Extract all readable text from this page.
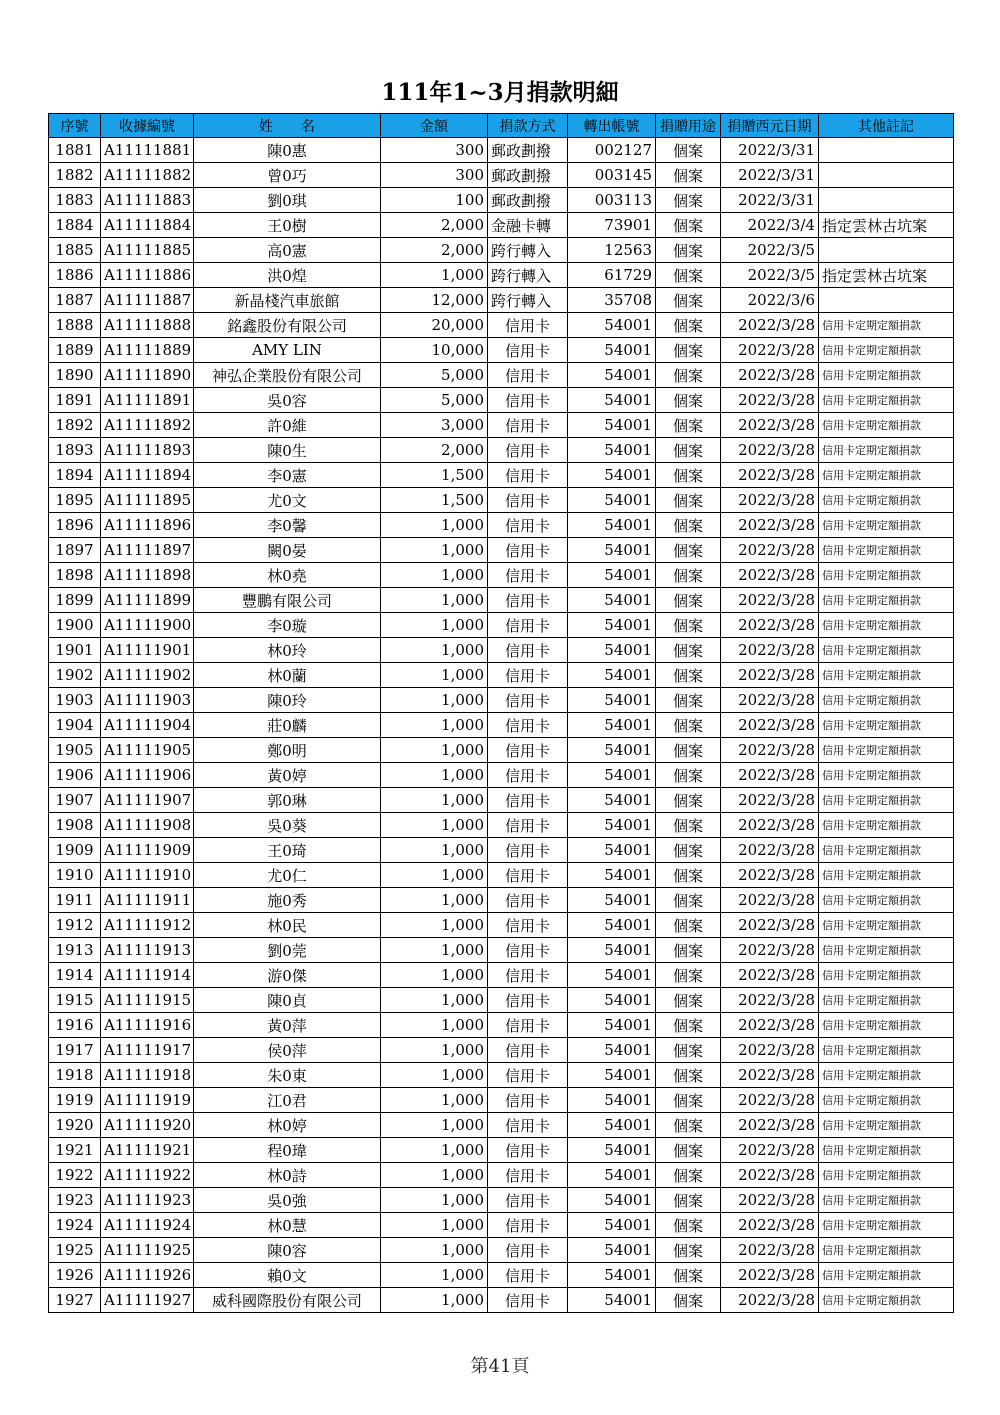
111年1~3月捐款明細
序號	收據編號	姓　　名	金額	捐款方式	轉出帳號	捐贈用途	捐贈西元日期	其他註記
1881	A11111881	陳0惠	300	郵政劃撥	002127	個案	2022/3/31	
1882	A11111882	曾0巧	300	郵政劃撥	003145	個案	2022/3/31	
1883	A11111883	劉0琪	100	郵政劃撥	003113	個案	2022/3/31	
1884	A11111884	王0樹	2,000	金融卡轉	73901	個案	2022/3/4	指定雲林古坑案
1885	A11111885	高0憲	2,000	跨行轉入	12563	個案	2022/3/5	
1886	A11111886	洪0煌	1,000	跨行轉入	61729	個案	2022/3/5	指定雲林古坑案
1887	A11111887	新晶棧汽車旅館	12,000	跨行轉入	35708	個案	2022/3/6	
1888	A11111888	銘鑫股份有限公司	20,000	信用卡	54001	個案	2022/3/28	信用卡定期定額捐款
1889	A11111889	AMY LIN	10,000	信用卡	54001	個案	2022/3/28	信用卡定期定額捐款
1890	A11111890	神弘企業股份有限公司	5,000	信用卡	54001	個案	2022/3/28	信用卡定期定額捐款
1891	A11111891	吳0容	5,000	信用卡	54001	個案	2022/3/28	信用卡定期定額捐款
1892	A11111892	許0維	3,000	信用卡	54001	個案	2022/3/28	信用卡定期定額捐款
1893	A11111893	陳0生	2,000	信用卡	54001	個案	2022/3/28	信用卡定期定額捐款
1894	A11111894	李0憲	1,500	信用卡	54001	個案	2022/3/28	信用卡定期定額捐款
1895	A11111895	尤0文	1,500	信用卡	54001	個案	2022/3/28	信用卡定期定額捐款
1896	A11111896	李0馨	1,000	信用卡	54001	個案	2022/3/28	信用卡定期定額捐款
1897	A11111897	闕0晏	1,000	信用卡	54001	個案	2022/3/28	信用卡定期定額捐款
1898	A11111898	林0堯	1,000	信用卡	54001	個案	2022/3/28	信用卡定期定額捐款
1899	A11111899	豐鵬有限公司	1,000	信用卡	54001	個案	2022/3/28	信用卡定期定額捐款
1900	A11111900	李0璇	1,000	信用卡	54001	個案	2022/3/28	信用卡定期定額捐款
1901	A11111901	林0玲	1,000	信用卡	54001	個案	2022/3/28	信用卡定期定額捐款
1902	A11111902	林0蘭	1,000	信用卡	54001	個案	2022/3/28	信用卡定期定額捐款
1903	A11111903	陳0玲	1,000	信用卡	54001	個案	2022/3/28	信用卡定期定額捐款
1904	A11111904	莊0麟	1,000	信用卡	54001	個案	2022/3/28	信用卡定期定額捐款
1905	A11111905	鄭0明	1,000	信用卡	54001	個案	2022/3/28	信用卡定期定額捐款
1906	A11111906	黃0婷	1,000	信用卡	54001	個案	2022/3/28	信用卡定期定額捐款
1907	A11111907	郭0琳	1,000	信用卡	54001	個案	2022/3/28	信用卡定期定額捐款
1908	A11111908	吳0葵	1,000	信用卡	54001	個案	2022/3/28	信用卡定期定額捐款
1909	A11111909	王0琦	1,000	信用卡	54001	個案	2022/3/28	信用卡定期定額捐款
1910	A11111910	尤0仁	1,000	信用卡	54001	個案	2022/3/28	信用卡定期定額捐款
1911	A11111911	施0秀	1,000	信用卡	54001	個案	2022/3/28	信用卡定期定額捐款
1912	A11111912	林0民	1,000	信用卡	54001	個案	2022/3/28	信用卡定期定額捐款
1913	A11111913	劉0莞	1,000	信用卡	54001	個案	2022/3/28	信用卡定期定額捐款
1914	A11111914	游0傑	1,000	信用卡	54001	個案	2022/3/28	信用卡定期定額捐款
1915	A11111915	陳0貞	1,000	信用卡	54001	個案	2022/3/28	信用卡定期定額捐款
1916	A11111916	黃0萍	1,000	信用卡	54001	個案	2022/3/28	信用卡定期定額捐款
1917	A11111917	侯0萍	1,000	信用卡	54001	個案	2022/3/28	信用卡定期定額捐款
1918	A11111918	朱0東	1,000	信用卡	54001	個案	2022/3/28	信用卡定期定額捐款
1919	A11111919	江0君	1,000	信用卡	54001	個案	2022/3/28	信用卡定期定額捐款
1920	A11111920	林0婷	1,000	信用卡	54001	個案	2022/3/28	信用卡定期定額捐款
1921	A11111921	程0瑋	1,000	信用卡	54001	個案	2022/3/28	信用卡定期定額捐款
1922	A11111922	林0詩	1,000	信用卡	54001	個案	2022/3/28	信用卡定期定額捐款
1923	A11111923	吳0強	1,000	信用卡	54001	個案	2022/3/28	信用卡定期定額捐款
1924	A11111924	林0慧	1,000	信用卡	54001	個案	2022/3/28	信用卡定期定額捐款
1925	A11111925	陳0容	1,000	信用卡	54001	個案	2022/3/28	信用卡定期定額捐款
1926	A11111926	賴0文	1,000	信用卡	54001	個案	2022/3/28	信用卡定期定額捐款
1927	A11111927	威科國際股份有限公司	1,000	信用卡	54001	個案	2022/3/28	信用卡定期定額捐款
第41頁
